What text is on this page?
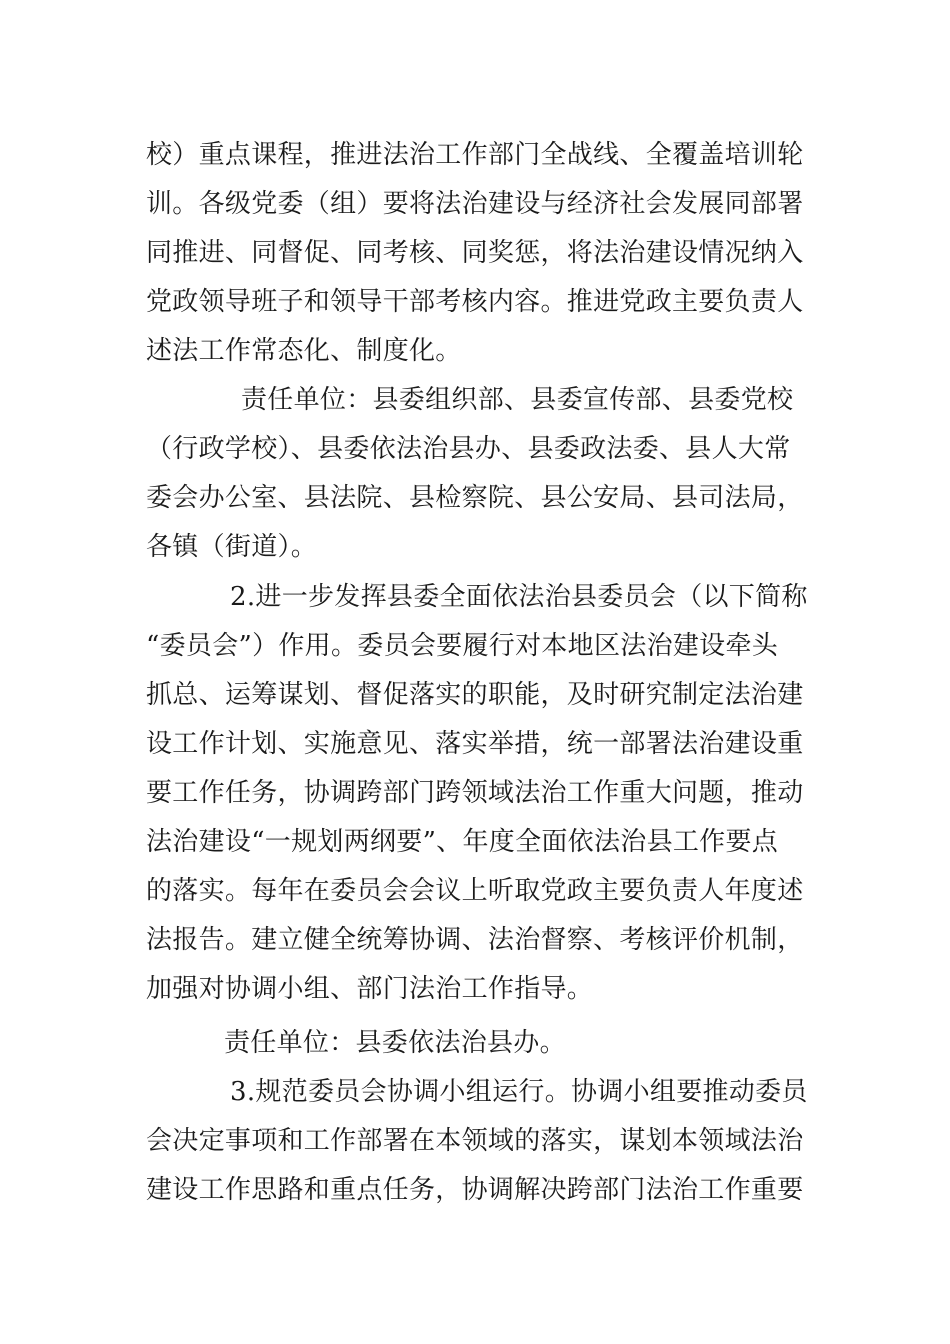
校）重点课程，推进法治工作部门全战线、全覆盖培训轮
训。各级党委（组）要将法治建设与经济社会发展同部署
同推进、同督促、同考核、同奖惩，将法治建设情况纳入
党政领导班子和领导干部考核内容。推进党政主要负责人
述法工作常态化、制度化。
责任单位：县委组织部、县委宣传部、县委党校
（行政学校）、县委依法治县办、县委政法委、县人大常
委会办公室、县法院、县检察院、县公安局、县司法局，
各镇（街道）。
2.进一步发挥县委全面依法治县委员会（以下简称
“委员会”）作用。委员会要履行对本地区法治建设牵头
抓总、运筹谋划、督促落实的职能，及时研究制定法治建
设工作计划、实施意见、落实举措，统一部署法治建设重
要工作任务，协调跨部门跨领域法治工作重大问题，推动
法治建设“一规划两纲要”、年度全面依法治县工作要点
的落实。每年在委员会会议上听取党政主要负责人年度述
法报告。建立健全统筹协调、法治督察、考核评价机制，
加强对协调小组、部门法治工作指导。
责任单位：县委依法治县办。
3.规范委员会协调小组运行。协调小组要推动委员
会决定事项和工作部署在本领域的落实，谋划本领域法治
建设工作思路和重点任务，协调解决跨部门法治工作重要
